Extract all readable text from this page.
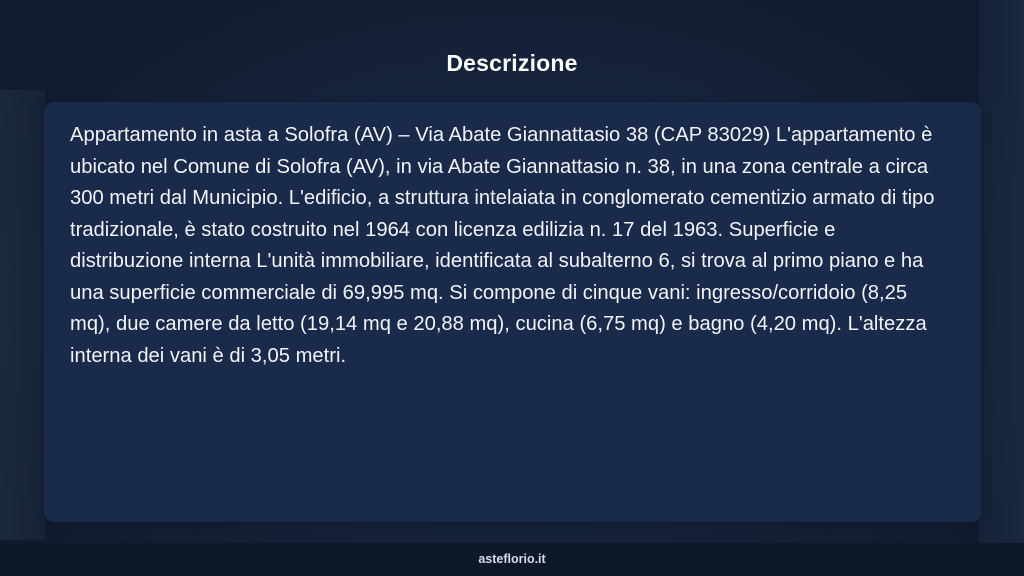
Descrizione

Appartamento in asta a Solofra (AV) – Via Abate Giannattasio 38 (CAP 83029) L'appartamento è ubicato nel Comune di Solofra (AV), in via Abate Giannattasio n. 38, in una zona centrale a circa 300 metri dal Municipio. L'edificio, a struttura intelaiata in conglomerato cementizio armato di tipo tradizionale, è stato costruito nel 1964 con licenza edilizia n. 17 del 1963. Superficie e distribuzione interna L'unità immobiliare, identificata al subalterno 6, si trova al primo piano e ha una superficie commerciale di 69,995 mq. Si compone di cinque vani: ingresso/corridoio (8,25 mq), due camere da letto (19,14 mq e 20,88 mq), cucina (6,75 mq) e bagno (4,20 mq). L'altezza interna dei vani è di 3,05 metri.

asteflorio.it
